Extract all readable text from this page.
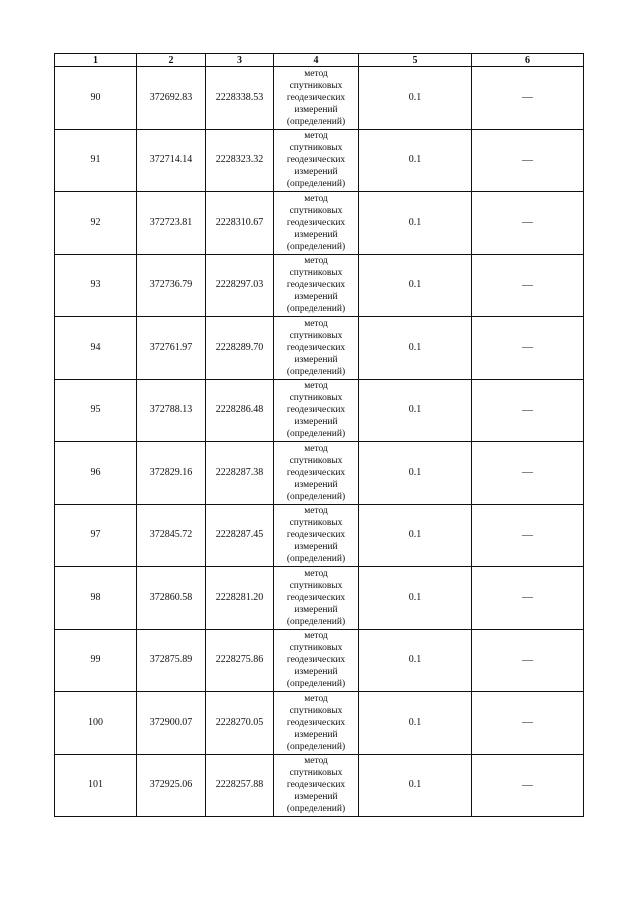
1	2	3	4	5	6
90	372692.83	2228338.53	метод
спутниковых
геодезических
измерений
(определений)	0.1	—
91	372714.14	2228323.32	метод
спутниковых
геодезических
измерений
(определений)	0.1	—
92	372723.81	2228310.67	метод
спутниковых
геодезических
измерений
(определений)	0.1	—
93	372736.79	2228297.03	метод
спутниковых
геодезических
измерений
(определений)	0.1	—
94	372761.97	2228289.70	метод
спутниковых
геодезических
измерений
(определений)	0.1	—
95	372788.13	2228286.48	метод
спутниковых
геодезических
измерений
(определений)	0.1	—
96	372829.16	2228287.38	метод
спутниковых
геодезических
измерений
(определений)	0.1	—
97	372845.72	2228287.45	метод
спутниковых
геодезических
измерений
(определений)	0.1	—
98	372860.58	2228281.20	метод
спутниковых
геодезических
измерений
(определений)	0.1	—
99	372875.89	2228275.86	метод
спутниковых
геодезических
измерений
(определений)	0.1	—
100	372900.07	2228270.05	метод
спутниковых
геодезических
измерений
(определений)	0.1	—
101	372925.06	2228257.88	метод
спутниковых
геодезических
измерений
(определений)	0.1	—
